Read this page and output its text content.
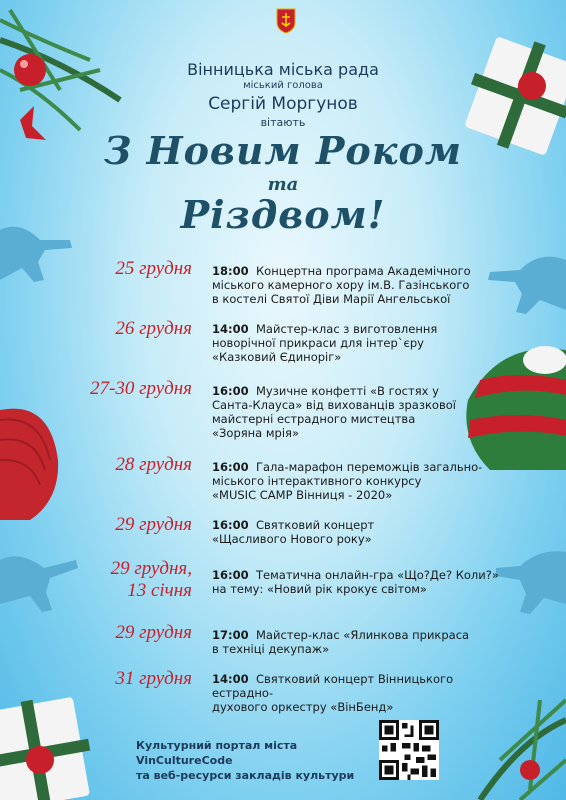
Вінницька міська рада
міський голова
Сергій Моргунов
вітають
З Новим Роком
та
Різдвом!
25 грудня 18:00 Концертна програма Академічного
міського камерного хору ім.В. Газінського
в костелі Святої Діви Марії Ангельської
26 грудня 14:00 Майстер-клас з виготовлення
новорічної прикраси для інтер`єру
«Казковий Єдиноріг»
27-30 грудня 16:00 Музичне конфетті «В гостях у
Санта-Клауса» від вихованців зразкової
майстерні естрадного мистецтва
«Зоряна мрія»
28 грудня 16:00 Гала-марафон переможців загально-
міського інтерактивного конкурсу
«MUSIC CAMP Вінниця - 2020»
29 грудня 16:00 Святковий концерт
«Щасливого Нового року»
29 грудня,
13 січня
16:00 Тематична онлайн-гра «Що?Де? Коли?»
на тему: «Новий рік крокує світом»
29 грудня 17:00 Майстер-клас «Ялинкова прикраса
в техніці декупаж»
31 грудня 14:00 Святковий концерт Вінницького естрадно-
духового оркестру «ВінБенд»
Культурний портал міста VinCultureCode
та веб-ресурси закладів культури
